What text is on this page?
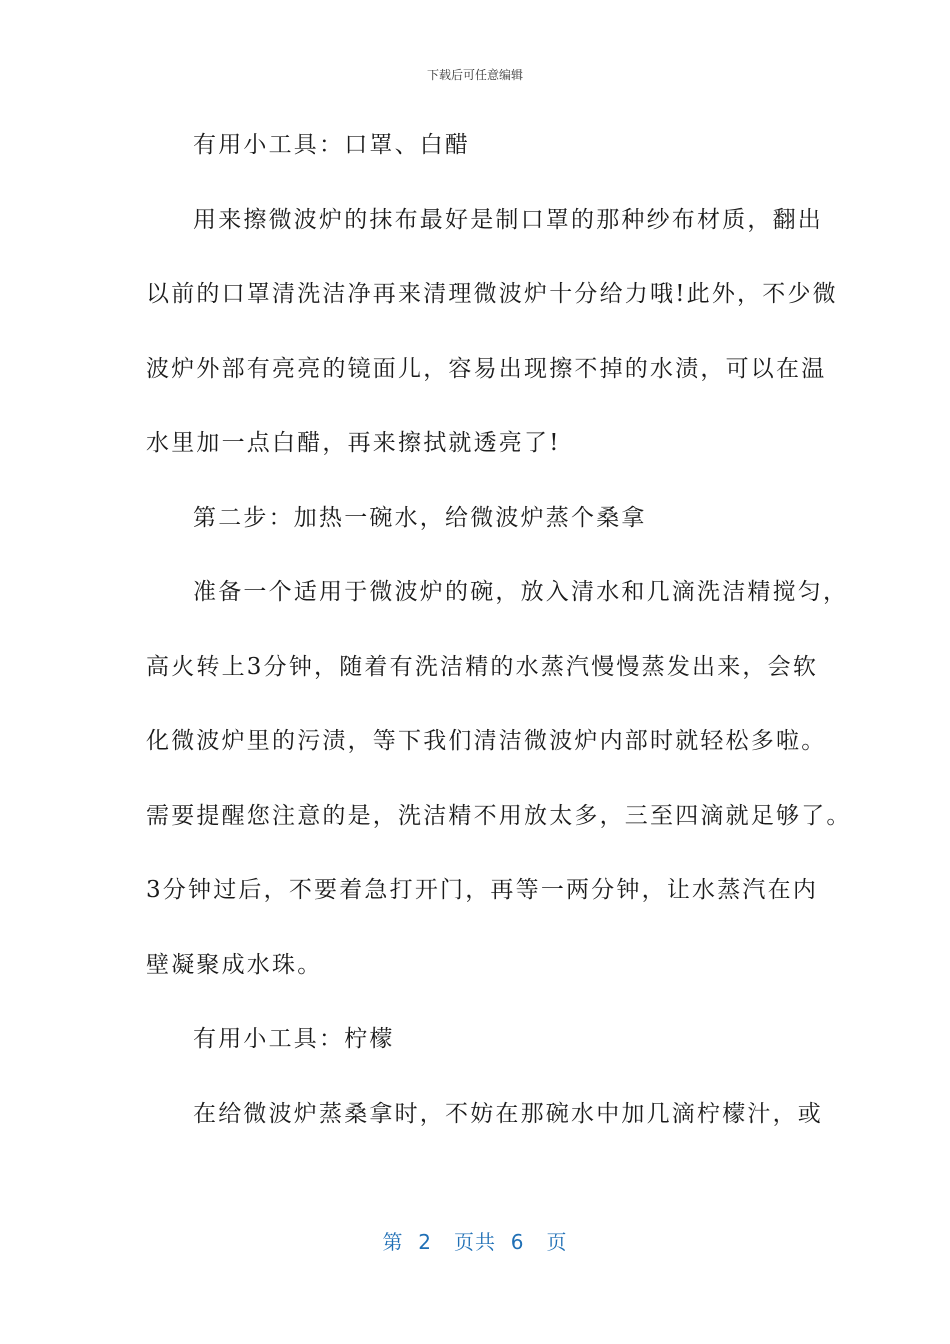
下载后可任意编辑
有用小工具：口罩、白醋
用来擦微波炉的抹布最好是制口罩的那种纱布材质，翻出
以前的口罩清洗洁净再来清理微波炉十分给力哦!此外，不少微
波炉外部有亮亮的镜面儿，容易出现擦不掉的水渍，可以在温
水里加一点白醋，再来擦拭就透亮了!
第二步：加热一碗水，给微波炉蒸个桑拿
准备一个适用于微波炉的碗，放入清水和几滴洗洁精搅匀，
高火转上3分钟，随着有洗洁精的水蒸汽慢慢蒸发出来，会软
化微波炉里的污渍，等下我们清洁微波炉内部时就轻松多啦。
需要提醒您注意的是，洗洁精不用放太多，三至四滴就足够了。
3分钟过后，不要着急打开门，再等一两分钟，让水蒸汽在内
壁凝聚成水珠。
有用小工具：柠檬
在给微波炉蒸桑拿时，不妨在那碗水中加几滴柠檬汁，或
第  2   页共  6   页
